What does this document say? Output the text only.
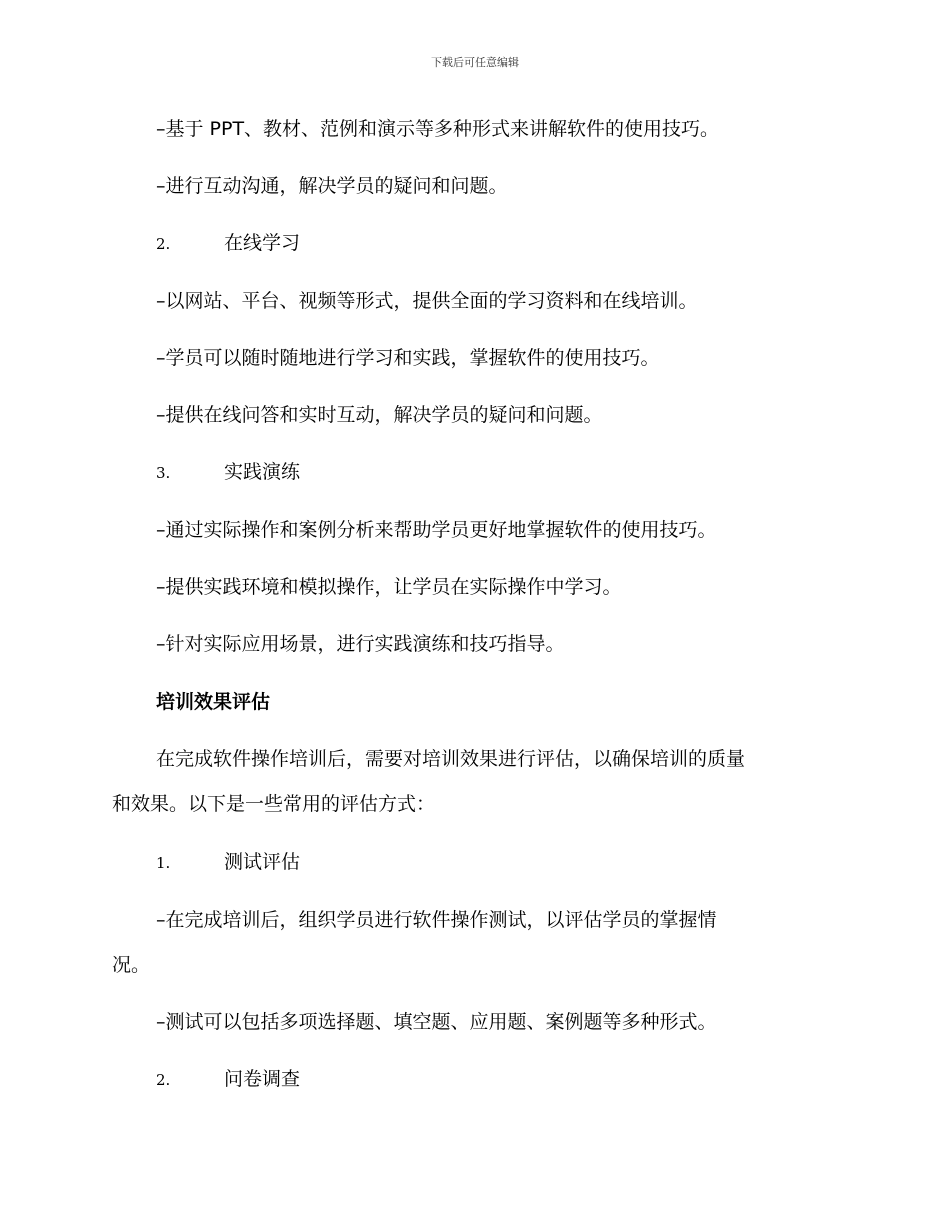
下载后可任意编辑
–基于 PPT、教材、范例和演示等多种形式来讲解软件的使用技巧。
–进行互动沟通，解决学员的疑问和问题。
2.	在线学习
–以网站、平台、视频等形式，提供全面的学习资料和在线培训。
–学员可以随时随地进行学习和实践，掌握软件的使用技巧。
–提供在线问答和实时互动，解决学员的疑问和问题。
3.	实践演练
–通过实际操作和案例分析来帮助学员更好地掌握软件的使用技巧。
–提供实践环境和模拟操作，让学员在实际操作中学习。
–针对实际应用场景，进行实践演练和技巧指导。
培训效果评估
在完成软件操作培训后，需要对培训效果进行评估，以确保培训的质量
和效果。以下是一些常用的评估方式：
1.	测试评估
–在完成培训后，组织学员进行软件操作测试，以评估学员的掌握情
况。
–测试可以包括多项选择题、填空题、应用题、案例题等多种形式。
2.	问卷调查
